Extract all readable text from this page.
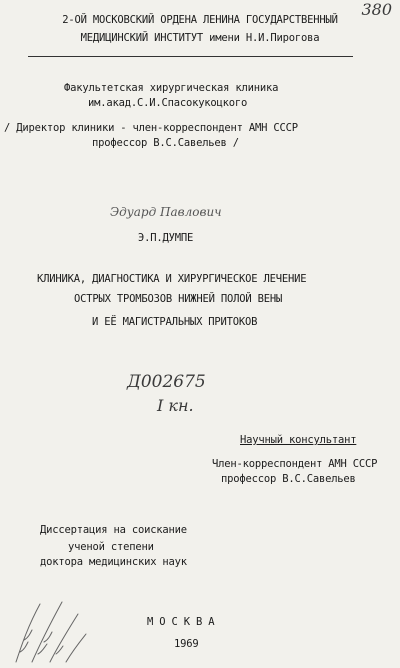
2-ОЙ МОСКОВСКИЙ ОРДЕНА ЛЕНИНА ГОСУДАРСТВЕННЫЙ
МЕДИЦИНСКИЙ ИНСТИТУТ имени Н.И.Пирогова
380
Факультетская хирургическая клиника
им.акад.С.И.Спасокукоцкого
/ Директор клиники - член-корреспондент АМН СССР
профессор В.С.Савельев /
Эдуард Павлович
Э.П.ДУМПЕ
КЛИНИКА, ДИАГНОСТИКА И ХИРУРГИЧЕСКОЕ ЛЕЧЕНИЕ
ОСТРЫХ ТРОМБОЗОВ НИЖНЕЙ ПОЛОЙ ВЕНЫ
И ЕЁ МАГИСТРАЛЬНЫХ ПРИТОКОВ
Д002675
I кн.
Научный консультант
Член-корреспондент АМН СССР
профессор В.С.Савельев
Диссертация на соискание
ученой степени
доктора медицинских наук
М О С К В А
1969
